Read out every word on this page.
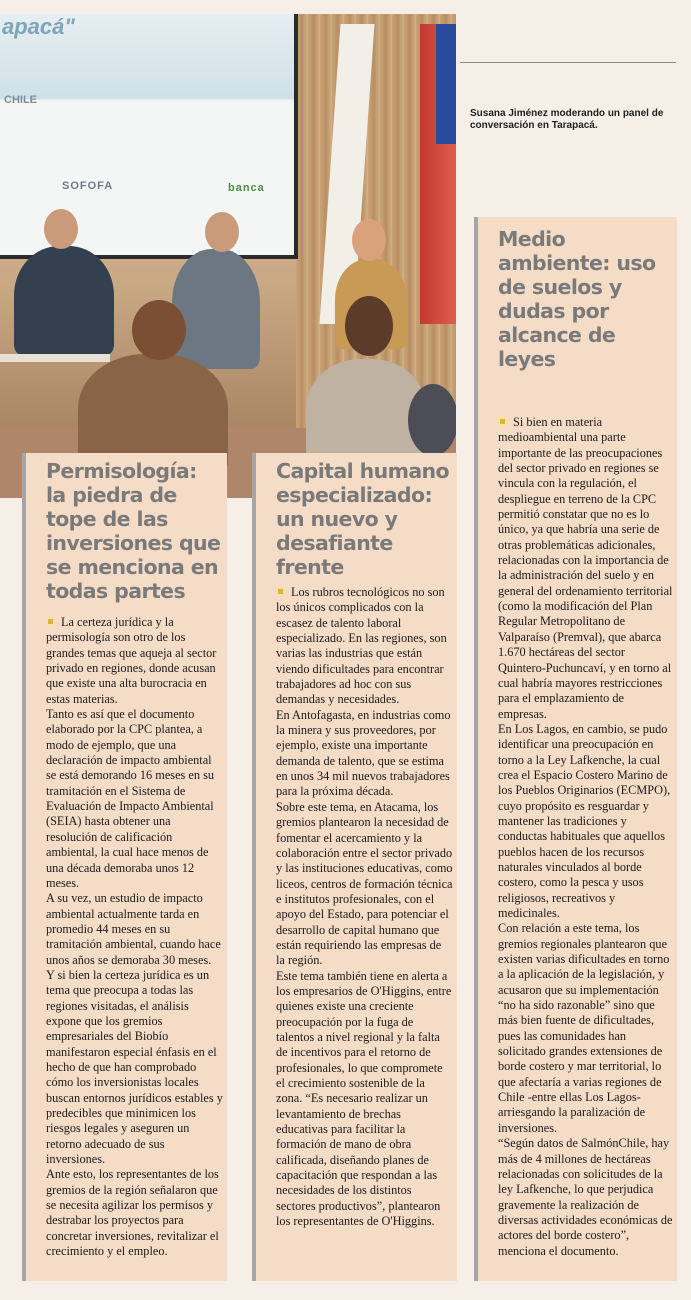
apacá"
CHILE
SOFOFA	banca
Susana Jiménez moderando un panel de conversación en Tarapacá.
Permisología: la piedra de tope de las inversiones que se menciona en todas partes

La certeza jurídica y la permisología son otro de los grandes temas que aqueja al sector privado en regiones, donde acusan que existe una alta burocracia en estas materias.

Tanto es así que el documento elaborado por la CPC plantea, a modo de ejemplo, que una declaración de impacto ambiental se está demorando 16 meses en su tramitación en el Sistema de Evaluación de Impacto Ambiental (SEIA) hasta obtener una resolución de calificación ambiental, la cual hace menos de una década demoraba unos 12 meses.

A su vez, un estudio de impacto ambiental actualmente tarda en promedio 44 meses en su tramitación ambiental, cuando hace unos años se demoraba 30 meses.

Y si bien la certeza jurídica es un tema que preocupa a todas las regiones visitadas, el análisis expone que los gremios empresariales del Biobío manifestaron especial énfasis en el hecho de que han comprobado cómo los inversionistas locales buscan entornos jurídicos estables y predecibles que minimicen los riesgos legales y aseguren un retorno adecuado de sus inversiones.

Ante esto, los representantes de los gremios de la región señalaron que se necesita agilizar los permisos y destrabar los proyectos para concretar inversiones, revitalizar el crecimiento y el empleo.

Capital humano especializado: un nuevo y desafiante frente

Los rubros tecnológicos no son los únicos complicados con la escasez de talento laboral especializado. En las regiones, son varias las industrias que están viendo dificultades para encontrar trabajadores ad hoc con sus demandas y necesidades.

En Antofagasta, en industrias como la minera y sus proveedores, por ejemplo, existe una importante demanda de talento, que se estima en unos 34 mil nuevos trabajadores para la próxima década.

Sobre este tema, en Atacama, los gremios plantearon la necesidad de fomentar el acercamiento y la colaboración entre el sector privado y las instituciones educativas, como liceos, centros de formación técnica e institutos profesionales, con el apoyo del Estado, para potenciar el desarrollo de capital humano que están requiriendo las empresas de la región.

Este tema también tiene en alerta a los empresarios de O'Higgins, entre quienes existe una creciente preocupación por la fuga de talentos a nivel regional y la falta de incentivos para el retorno de profesionales, lo que compromete el crecimiento sostenible de la zona. “Es necesario realizar un levantamiento de brechas educativas para facilitar la formación de mano de obra calificada, diseñando planes de capacitación que respondan a las necesidades de los distintos sectores productivos”, plantearon los representantes de O'Higgins.

Medio ambiente: uso de suelos y dudas por alcance de leyes

Si bien en materia medioambiental una parte importante de las preocupaciones del sector privado en regiones se vincula con la regulación, el despliegue en terreno de la CPC permitió constatar que no es lo único, ya que habría una serie de otras problemáticas adicionales, relacionadas con la importancia de la administración del suelo y en general del ordenamiento territorial (como la modificación del Plan Regular Metropolitano de Valparaíso (Premval), que abarca 1.670 hectáreas del sector Quintero-Puchuncaví, y en torno al cual habría mayores restricciones para el emplazamiento de empresas.

En Los Lagos, en cambio, se pudo identificar una preocupación en torno a la Ley Lafkenche, la cual crea el Espacio Costero Marino de los Pueblos Originarios (ECMPO), cuyo propósito es resguardar y mantener las tradiciones y conductas habituales que aquellos pueblos hacen de los recursos naturales vinculados al borde costero, como la pesca y usos religiosos, recreativos y medicinales.

Con relación a este tema, los gremios regionales plantearon que existen varias dificultades en torno a la aplicación de la legislación, y acusaron que su implementación “no ha sido razonable” sino que más bien fuente de dificultades, pues las comunidades han solicitado grandes extensiones de borde costero y mar territorial, lo que afectaría a varias regiones de Chile -entre ellas Los Lagos- arriesgando la paralización de inversiones.

“Según datos de SalmónChile, hay más de 4 millones de hectáreas relacionadas con solicitudes de la ley Lafkenche, lo que perjudica gravemente la realización de diversas actividades económicas de actores del borde costero”, menciona el documento.
